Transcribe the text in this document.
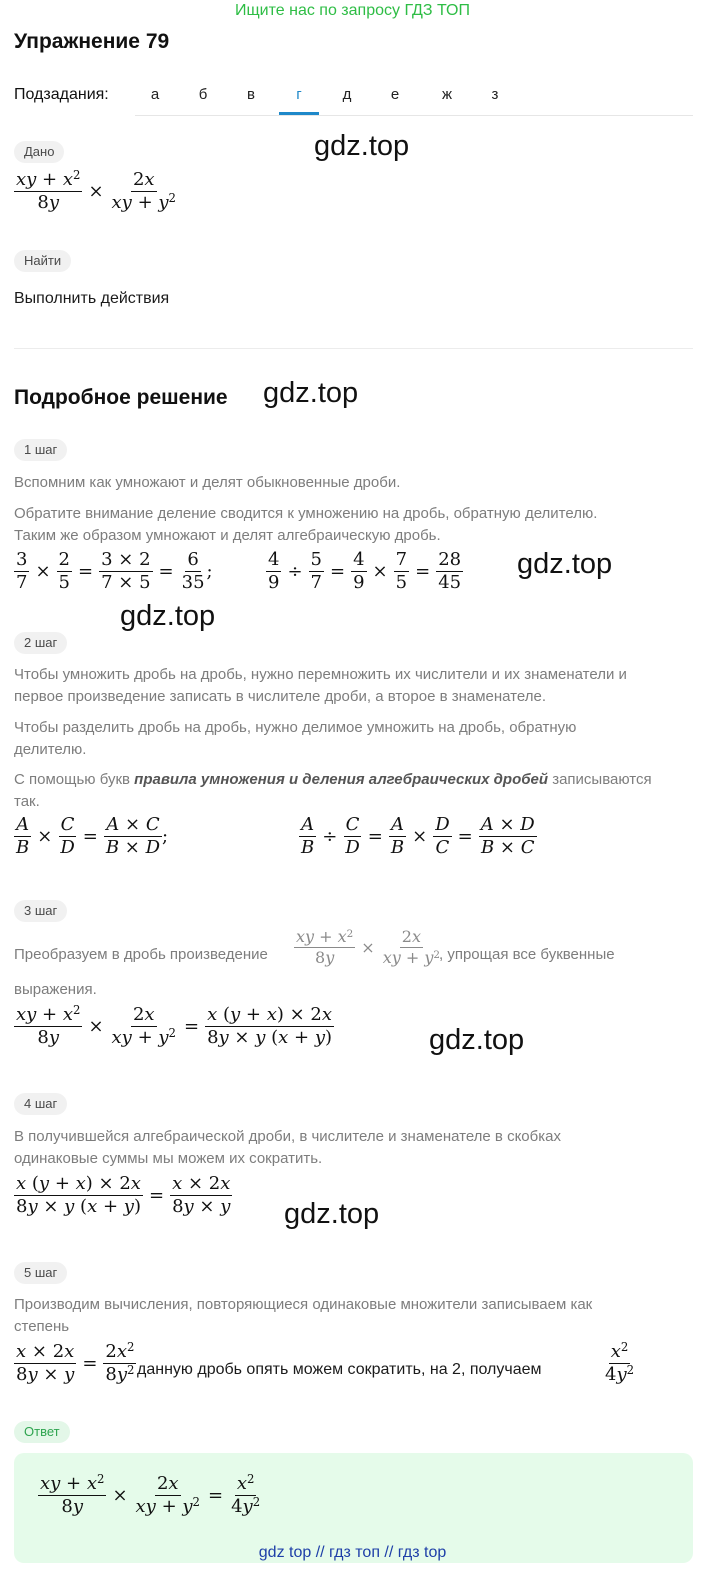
Ищите нас по запросу ГДЗ ТОП
Упражнение 79
Подзадания:	а	б	в	г	д	е	ж	з
Дано	gdz.top
$\frac{xy + x^2}{8y} \times \frac{2x}{xy + y^2}$
Найти
Выполнить действия
Подробное решение gdz.top
1 шаг
Вспомним как умножают и делят обыкновенные дроби.
Обратите внимание деление сводится к умножению на дробь, обратную делителю.
Таким же образом умножают и делят алгебраическую дробь.
$\frac{3}{7} \times \frac{2}{5} = \frac{3 \times 2}{7 \times 5} = \frac{6}{35}$ ;	$\frac{4}{9} \div \frac{5}{7} = \frac{4}{9} \times \frac{7}{5} = \frac{28}{45} gdz.top$
gdz.top
2 шаг
Чтобы умножить дробь на дробь, нужно перемножить их числители и их знаменатели и
первое произведение записать в числителе дроби, а второе в знаменателе.
Чтобы разделить дробь на дробь, нужно делимое умножить на дробь, обратную
делителю.
С помощью букв правила умножения и деления алгебраических дробей записываются
так.
$\frac{A}{B} \times \frac{C}{D} = \frac{A \times C}{B \times D}$ ;	$\frac{A}{B} \div \frac{C}{D} = \frac{A}{B} \times \frac{D}{C} = \frac{A \times D}{B \times C}$
3 шаг
Преобразуем в дробь произведение $\frac{xy + x^2}{8y} \times \frac{2x}{xy + y^2}$
, упрощая все буквенные
выражения.
$\frac{xy + x^2}{8y} \times \frac{2x}{xy + y^2} = \frac{x (y + x) \times 2x}{8y \times y (x + y)}$	gdz.top
4 шаг
В получившейся алгебраической дроби, в числителе и знаменателе в скобках
одинаковые суммы мы можем их сократить.
$\frac{x (y + x) \times 2x}{8y \times y (x + y)} = \frac{x \times 2x}{8y \times y} gdz.top$
5 шаг
Производим вычисления, повторяющиеся одинаковые множители записываем как
степень
$\frac{x \times 2x}{8y \times y} = \frac{2x^2}{8y^2}$ данную дробь опять можем сократить, на 2, получаем	$\frac{x^2}{4y^2}$
Ответ
$\frac{xy + x^2}{8y} \times \frac{2x}{xy + y^2} = \frac{x^2}{4y^2}$
gdz top // гдз топ // гдз top
